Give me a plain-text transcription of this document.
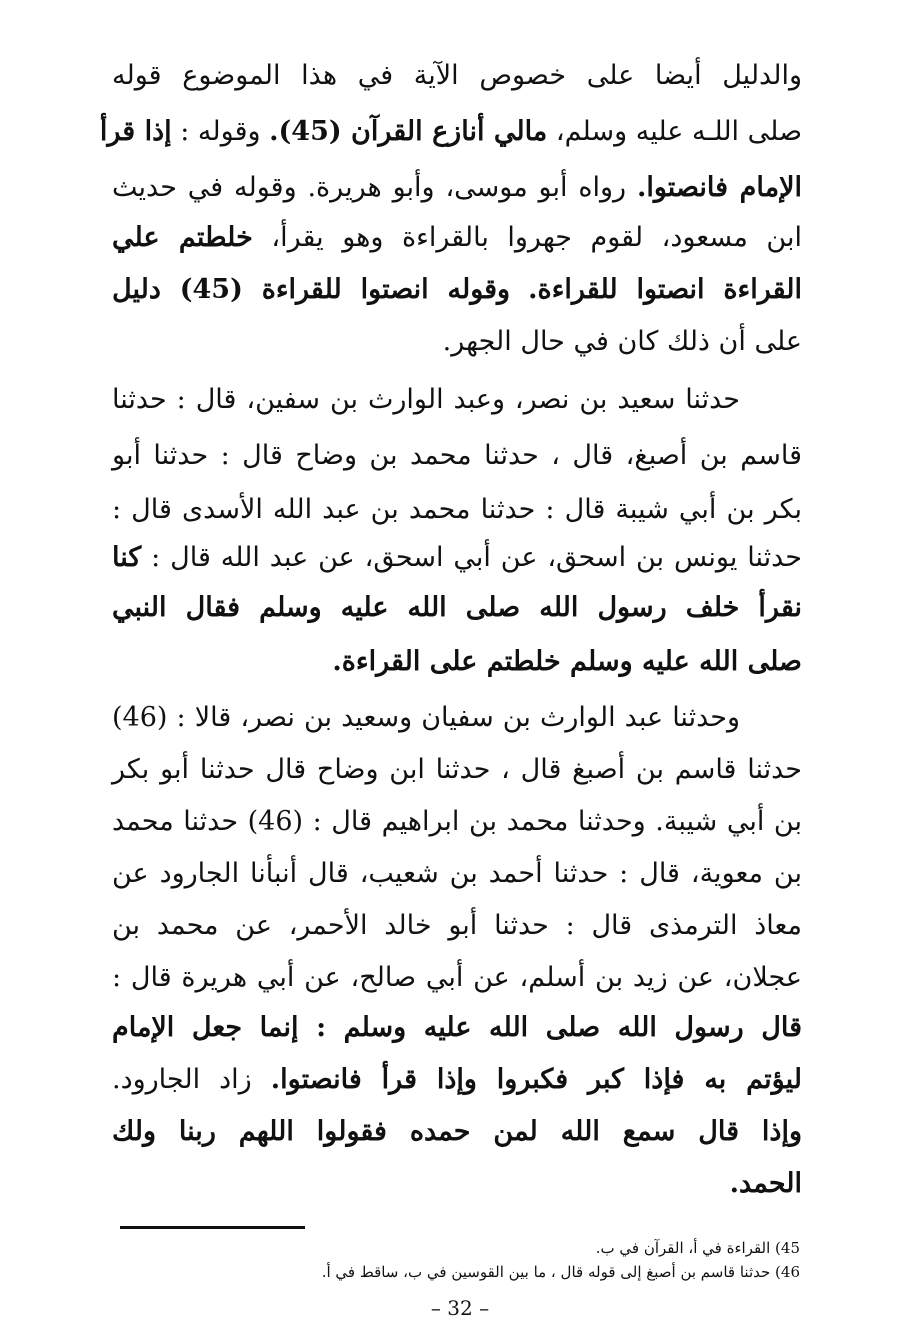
والدليل أيضا على خصوص الآية في هذا الموضوع قوله
صلى اللـه عليه وسلم، مالي أنازع القرآن (45). وقوله : إذا قرأ
الإمام فانصتوا. رواه أبو موسى، وأبو هريرة. وقوله في حديث
ابن مسعود، لقوم جهروا بالقراءة وهو يقرأ، خلطتم علي
القراءة انصتوا للقراءة. وقوله انصتوا للقراءة (45) دليل
على أن ذلك كان في حال الجهر.
حدثنا سعيد بن نصر، وعبد الوارث بن سفين، قال : حدثنا
قاسم بن أصبغ، قال ، حدثنا محمد بن وضاح قال : حدثنا أبو
بكر بن أبي شيبة قال : حدثنا محمد بن عبد الله الأسدى قال :
حدثنا يونس بن اسحق، عن أبي اسحق، عن عبد الله قال : كنا
نقرأ خلف رسول الله صلى الله عليه وسلم فقال النبي
صلى الله عليه وسلم خلطتم على القراءة.
وحدثنا عبد الوارث بن سفيان وسعيد بن نصر، قالا : (46)
حدثنا قاسم بن أصبغ قال ، حدثنا ابن وضاح قال حدثنا أبو بكر
بن أبي شيبة. وحدثنا محمد بن ابراهيم قال : (46) حدثنا محمد
بن معوية، قال : حدثنا أحمد بن شعيب، قال أنبأنا الجارود عن
معاذ الترمذى قال : حدثنا أبو خالد الأحمر، عن محمد بن
عجلان، عن زيد بن أسلم، عن أبي صالح، عن أبي هريرة قال :
قال رسول الله صلى الله عليه وسلم : إنما جعل الإمام
ليؤتم به فإذا كبر فكبروا وإذا قرأ فانصتوا. زاد الجارود.
وإذا قال سمع الله لمن حمده فقولوا اللهم ربنا ولك
الحمد.
45) القراءة في أ، القرآن في ب.
46) حدثنا قاسم بن أصبغ إلى قوله قال ، ما بين القوسين في ب، ساقط في أ.
– 32 –
